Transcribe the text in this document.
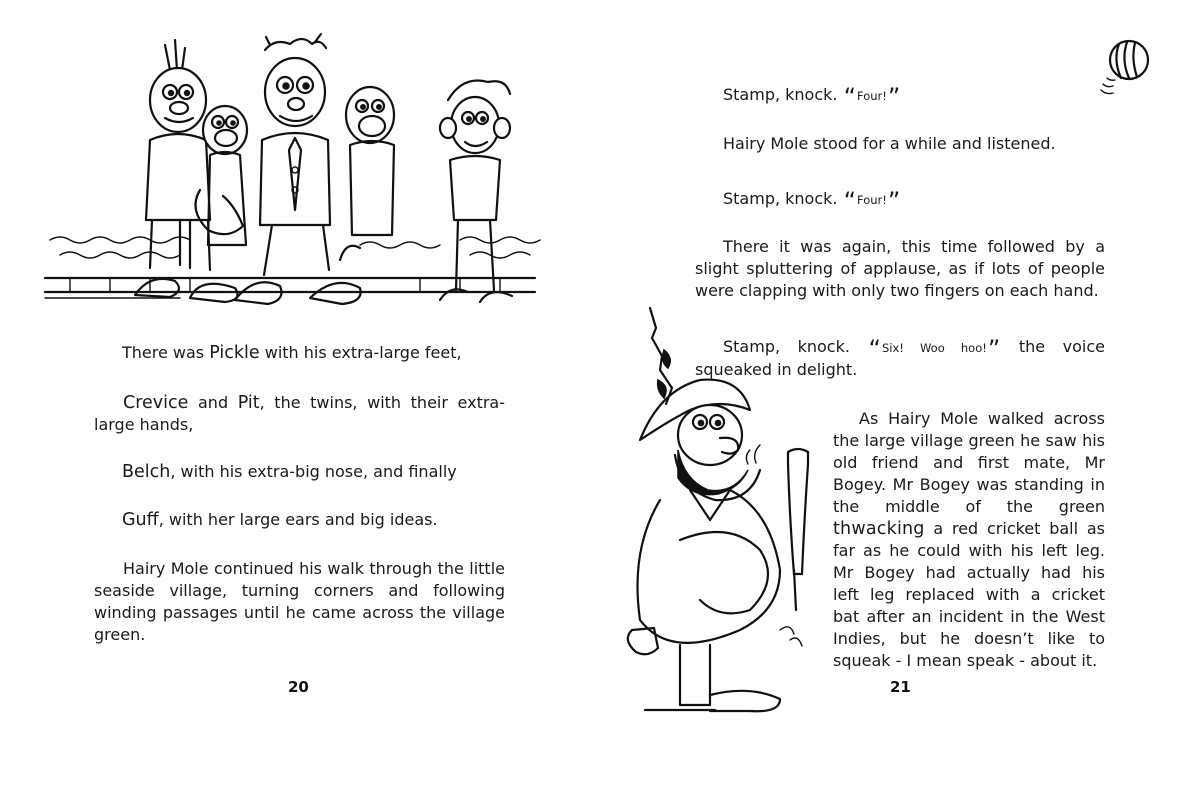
There was Pickle with his extra-large feet,

Crevice and Pit, the twins, with their extra-large hands,

Belch, with his extra-big nose, and finally

Guff, with her large ears and big ideas.

Hairy Mole continued his walk through the little seaside village, turning corners and following winding passages until he came across the village green.

20

Stamp, knock. “Four!”

Hairy Mole stood for a while and listened.

Stamp, knock. “Four!”

There it was again, this time followed by a slight spluttering of applause, as if lots of people were clapping with only two fingers on each hand.

Stamp, knock. “Six! Woo hoo!” the voice squeaked in delight.

As Hairy Mole walked across the large village green he saw his old friend and first mate, Mr Bogey. Mr Bogey was standing in the middle of the green thwacking a red cricket ball as far as he could with his left leg. Mr Bogey had actually had his left leg replaced with a cricket bat after an incident in the West Indies, but he doesn’t like to squeak - I mean speak - about it.

21
